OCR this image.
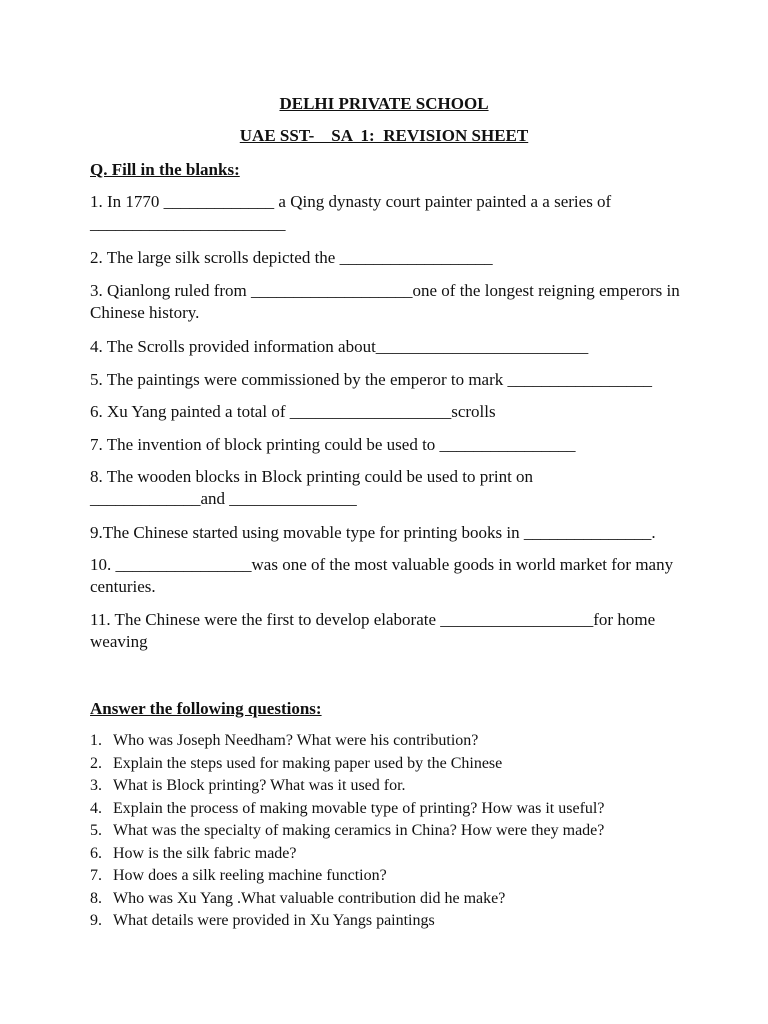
DELHI PRIVATE SCHOOL
UAE SST-    SA  1:  REVISION SHEET
Q. Fill in the blanks:

1. In 1770 _____________ a Qing dynasty court painter painted a a series of _______________________

2. The large silk scrolls depicted the __________________

3. Qianlong ruled from ___________________one of the longest reigning emperors in Chinese history.

4. The Scrolls provided information about_________________________

5. The paintings were commissioned by the emperor to mark _________________

6. Xu Yang painted a total of ___________________scrolls

7. The invention of block printing could be used to ________________

8. The wooden blocks in Block printing could be used to print on
_____________and _______________

9.The Chinese started using movable type for printing books in _______________.

10. ________________was one of the most valuable goods in world market for many centuries.

11. The Chinese were the first to develop elaborate __________________for home weaving

Answer the following questions:
1. Who was Joseph Needham? What were his contribution?
2. Explain the steps used for making paper used by the Chinese
3. What is Block printing? What was it used for.
4. Explain the process of making movable type of printing? How was it useful?
5. What was the specialty of making ceramics in China? How were they made?
6. How is the silk fabric made?
7. How does a silk reeling machine function?
8. Who was Xu Yang .What valuable contribution did he make?
9. What details were provided in Xu Yangs paintings
